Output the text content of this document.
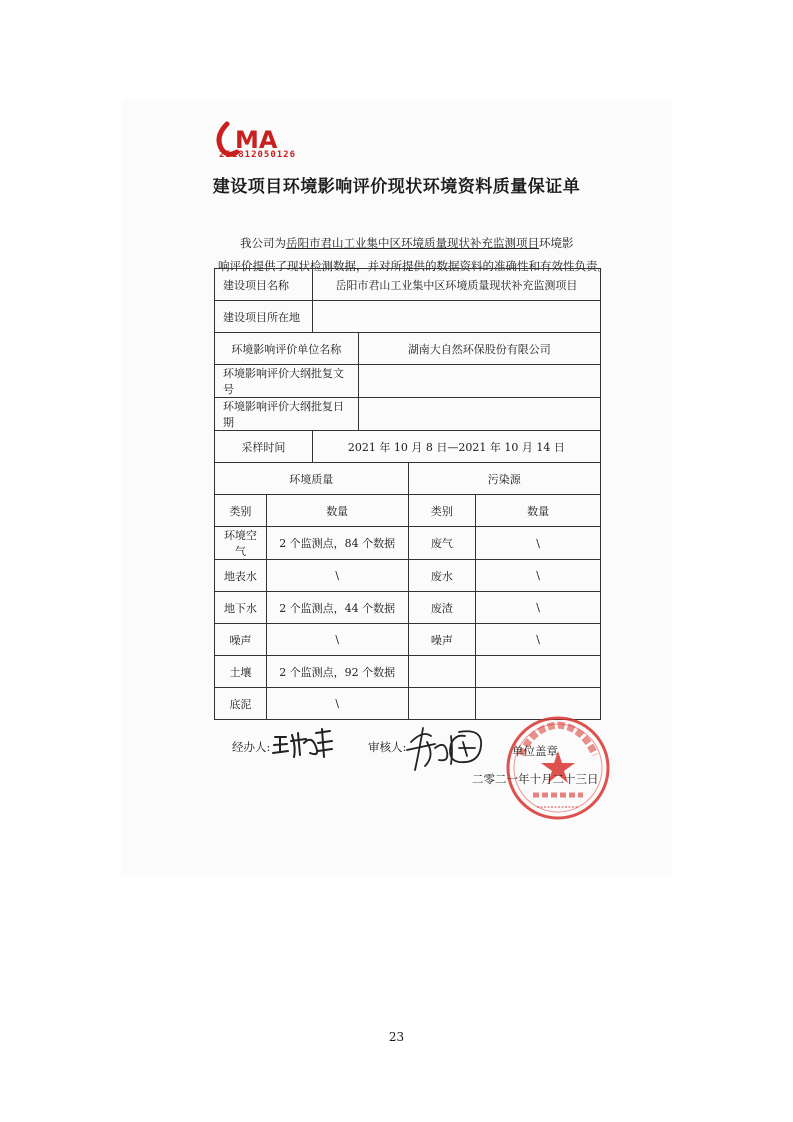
MA
211812050126
建设项目环境影响评价现状环境资料质量保证单
我公司为岳阳市君山工业集中区环境质量现状补充监测项目环境影
响评价提供了现状检测数据，并对所提供的数据资料的准确性和有效性负责。
建设项目名称		岳阳市君山工业集中区环境质量现状补充监测项目			
建设项目所在地					
环境影响评价单位名称			湖南大自然环保股份有限公司		
环境影响评价大纲批复文号					
环境影响评价大纲批复日期					
采样时间		2021 年 10 月 8 日—2021 年 10 月 14 日			
环境质量				污染源	
类别	数量			类别	数量
环境空气	2 个监测点，84 个数据			废气	\
地表水	\			废水	\
地下水	2 个监测点，44 个数据			废渣	\
噪声	\			噪声	\
土壤	2 个监测点，92 个数据				
底泥	\				
经办人:	审核人:	单位盖章
二零二一年十月二十三日
23
